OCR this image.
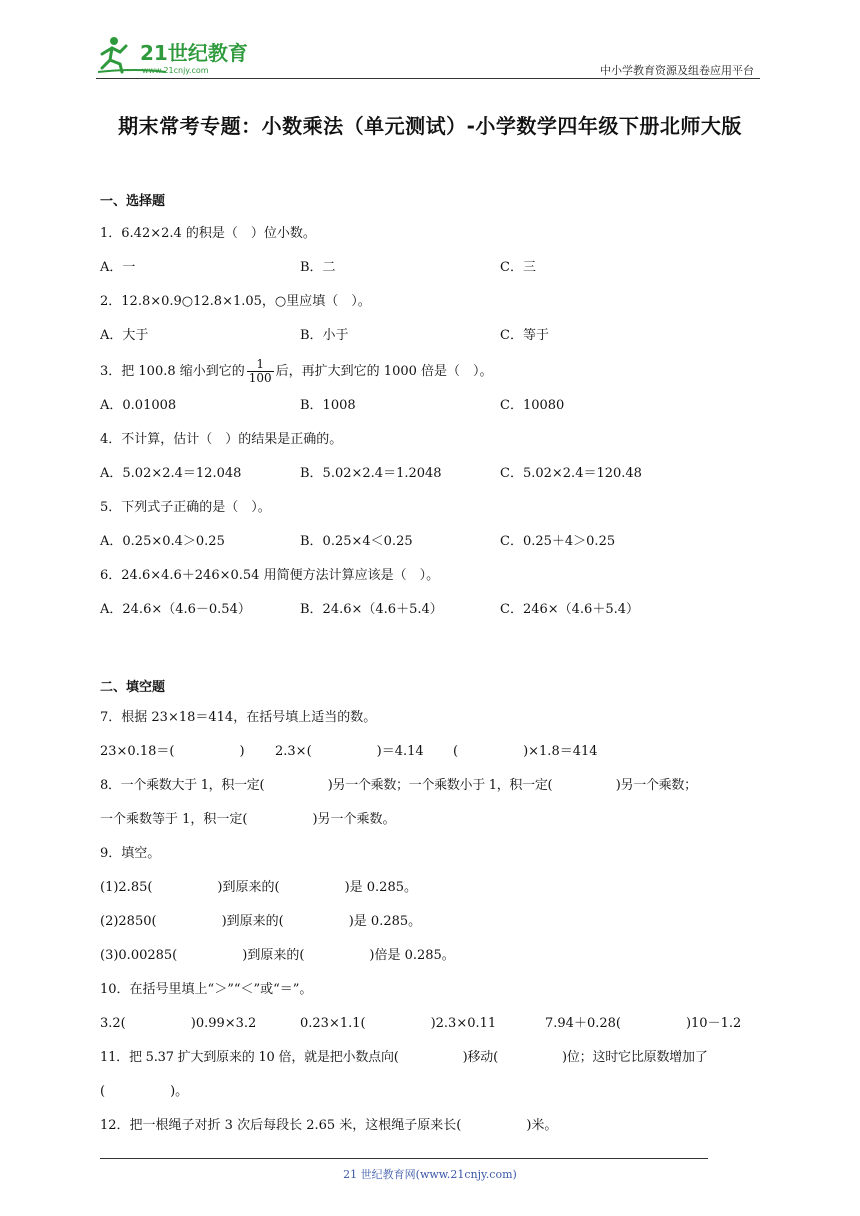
21世纪教育
www.21cnjy.com	中小学教育资源及组卷应用平台
期末常考专题：小数乘法（单元测试）-小学数学四年级下册北师大版
一、选择题
1．6.42×2.4 的积是（　）位小数。
A．一	B．二	C．三
2．12.8×0.9○12.8×1.05，○里应填（　）。
A．大于	B．小于	C．等于
3．把 100.8 缩小到它的 $\frac{1}{100}$ 后，再扩大到它的 1000 倍是（　）。
A．0.01008	B．1008	C．10080
4．不计算，估计（　）的结果是正确的。
A．5.02×2.4＝12.048	B．5.02×2.4＝1.2048	C．5.02×2.4＝120.48
5．下列式子正确的是（　）。
A．0.25×0.4＞0.25	B．0.25×4＜0.25	C．0.25＋4＞0.25
6．24.6×4.6＋246×0.54 用简便方法计算应该是（　）。
A．24.6×（4.6－0.54）	B．24.6×（4.6＋5.4）	C．246×（4.6＋5.4）
二、填空题
7．根据 23×18＝414，在括号填上适当的数。
23×0.18＝(　　　　　)	2.3×(　　　　　)＝4.14	(　　　　　)×1.8＝414
8．一个乘数大于 1，积一定(　　　　　)另一个乘数；一个乘数小于 1，积一定(　　　　　)另一个乘数；
一个乘数等于 1，积一定(　　　　　)另一个乘数。
9．填空。
(1)2.85(　　　　　)到原来的(　　　　　)是 0.285。
(2)2850(　　　　　)到原来的(　　　　　)是 0.285。
(3)0.00285(　　　　　)到原来的(　　　　　)倍是 0.285。
10．在括号里填上“＞”“＜”或“＝”。
3.2(　　　　　)0.99×3.2	0.23×1.1(　　　　　)2.3×0.11	7.94＋0.28(　　　　　)10－1.2
11．把 5.37 扩大到原来的 10 倍，就是把小数点向(　　　　　)移动(　　　　　)位；这时它比原数增加了
(　　　　　)。
12．把一根绳子对折 3 次后每段长 2.65 米，这根绳子原来长(　　　　　)米。
21 世纪教育网(www.21cnjy.com)
